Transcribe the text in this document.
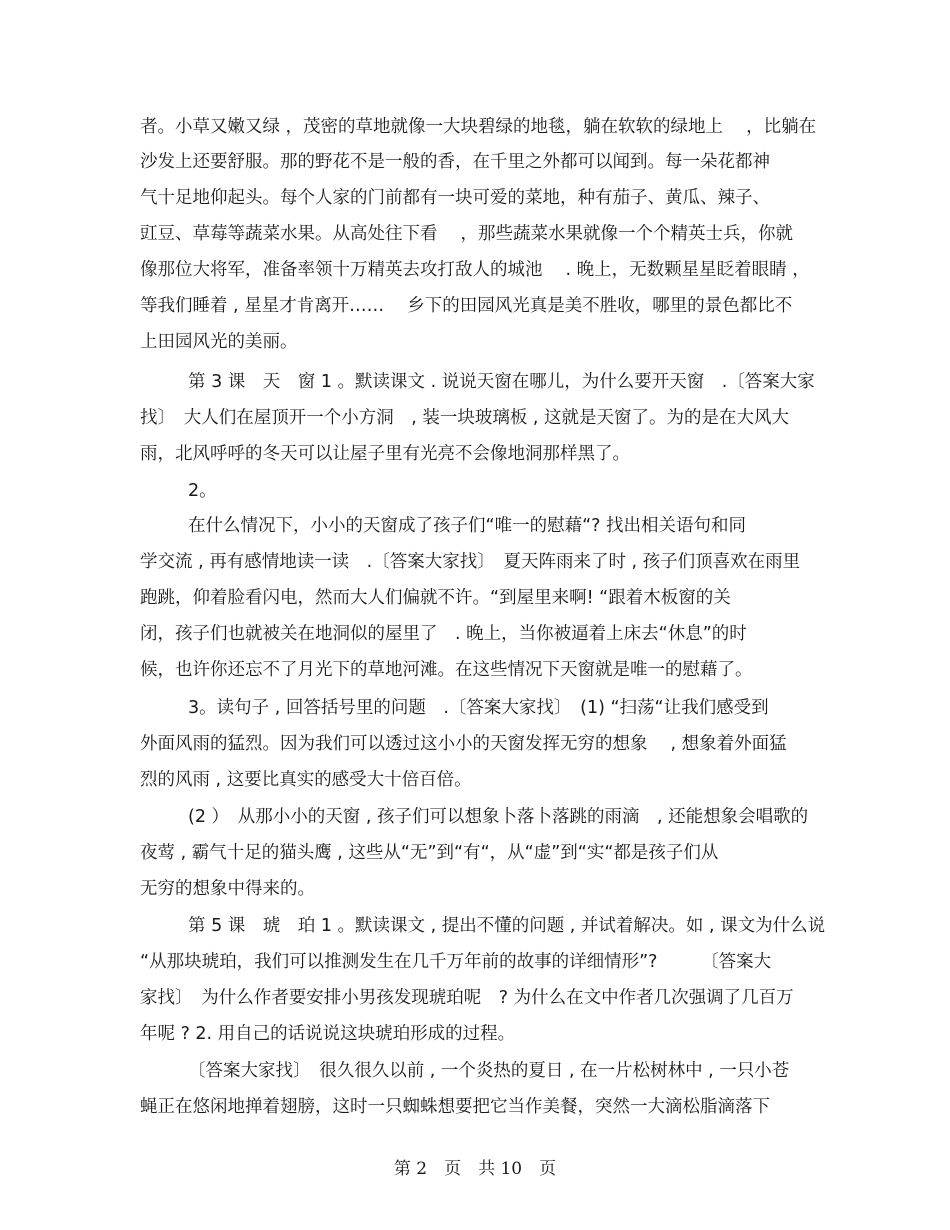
者。小草又嫩又绿 ，茂密的草地就像一大块碧绿的地毯，躺在软软的绿地上　 ，比躺在
沙发上还要舒服。那的野花不是一般的香，在千里之外都可以闻到。每一朵花都神
气十足地仰起头。每个人家的门前都有一块可爱的菜地，种有茄子、黄瓜、辣子、
豇豆、草莓等蔬菜水果。从高处往下看　 ，那些蔬菜水果就像一个个精英士兵，你就
像那位大将军，准备率领十万精英去攻打敌人的城池　 . 晚上，无数颗星星眨着眼睛 ，
等我们睡着 , 星星才肯离开……　 乡下的田园风光真是美不胜收，哪里的景色都比不
上田园风光的美丽。
第 3 课　天　窗 1 。默读课文 . 说说天窗在哪儿，为什么要开天窗　.〔答案大家
找〕　大人们在屋顶开一个小方洞　, 装一块玻璃板 , 这就是天窗了。为的是在大风大
雨，北风呼呼的冬天可以让屋子里有光亮不会像地洞那样黑了。
2。
在什么情况下，小小的天窗成了孩子们“唯一的慰藉“? 找出相关语句和同
学交流 , 再有感情地读一读　.〔答案大家找〕　夏天阵雨来了时 , 孩子们顶喜欢在雨里
跑跳，仰着脸看闪电，然而大人们偏就不许。“到屋里来啊! “跟着木板窗的关
闭，孩子们也就被关在地洞似的屋里了　. 晚上，当你被逼着上床去“休息”的时
候，也许你还忘不了月光下的草地河滩。在这些情况下天窗就是唯一的慰藉了。
3。读句子 , 回答括号里的问题　.〔答案大家找〕　(1) “扫荡“让我们感受到
外面风雨的猛烈。因为我们可以透过这小小的天窗发挥无穷的想象　 , 想象着外面猛
烈的风雨 , 这要比真实的感受大十倍百倍。
(2 ）　从那小小的天窗 , 孩子们可以想象卜落卜落跳的雨滴　, 还能想象会唱歌的
夜莺 , 霸气十足的猫头鹰 , 这些从“无”到“有“，从“虚”到“实“都是孩子们从
无穷的想象中得来的。
第 5 课　琥　珀 1 。默读课文 , 提出不懂的问题 , 并试着解决。如 , 课文为什么说
“从那块琥珀，我们可以推测发生在几千万年前的故事的详细情形”?　　　〔答案大
家找〕　为什么作者要安排小男孩发现琥珀呢　? 为什么在文中作者几次强调了几百万
年呢 ? 2. 用自己的话说说这块琥珀形成的过程。
〔答案大家找〕　很久很久以前 , 一个炎热的夏日 , 在一片松树林中 , 一只小苍
蝇正在悠闲地掸着翅膀，这时一只蜘蛛想要把它当作美餐，突然一大滴松脂滴落下
第 2　页　共 10　页
